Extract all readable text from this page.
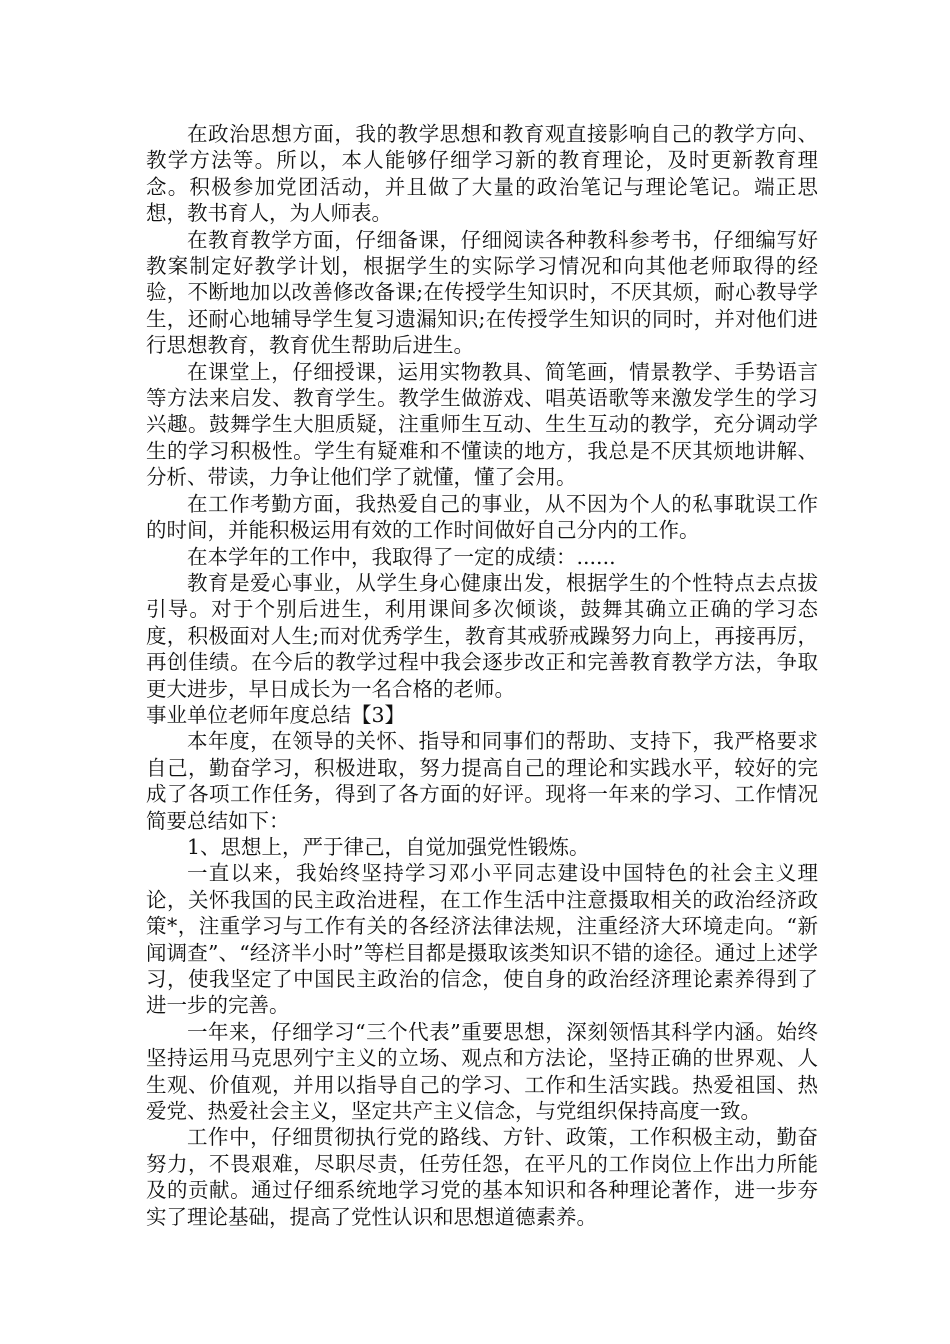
在政治思想方面，我的教学思想和教育观直接影响自己的教学方向、教学方法等。所以，本人能够仔细学习新的教育理论，及时更新教育理念。积极参加党团活动，并且做了大量的政治笔记与理论笔记。端正思想，教书育人，为人师表。

在教育教学方面，仔细备课，仔细阅读各种教科参考书，仔细编写好教案制定好教学计划，根据学生的实际学习情况和向其他老师取得的经验，不断地加以改善修改备课;在传授学生知识时，不厌其烦，耐心教导学生，还耐心地辅导学生复习遗漏知识;在传授学生知识的同时，并对他们进行思想教育，教育优生帮助后进生。

在课堂上，仔细授课，运用实物教具、简笔画，情景教学、手势语言等方法来启发、教育学生。教学生做游戏、唱英语歌等来激发学生的学习兴趣。鼓舞学生大胆质疑，注重师生互动、生生互动的教学，充分调动学生的学习积极性。学生有疑难和不懂读的地方，我总是不厌其烦地讲解、分析、带读，力争让他们学了就懂，懂了会用。

在工作考勤方面，我热爱自己的事业，从不因为个人的私事耽误工作的时间，并能积极运用有效的工作时间做好自己分内的工作。

在本学年的工作中，我取得了一定的成绩：......

教育是爱心事业，从学生身心健康出发，根据学生的个性特点去点拔引导。对于个别后进生，利用课间多次倾谈，鼓舞其确立正确的学习态度，积极面对人生;而对优秀学生，教育其戒骄戒躁努力向上，再接再厉，再创佳绩。在今后的教学过程中我会逐步改正和完善教育教学方法，争取更大进步，早日成长为一名合格的老师。

事业单位老师年度总结【3】

本年度，在领导的关怀、指导和同事们的帮助、支持下，我严格要求自己，勤奋学习，积极进取，努力提高自己的理论和实践水平，较好的完成了各项工作任务，得到了各方面的好评。现将一年来的学习、工作情况简要总结如下：

1、思想上，严于律己，自觉加强党性锻炼。

一直以来，我始终坚持学习邓小平同志建设中国特色的社会主义理论，关怀我国的民主政治进程，在工作生活中注意摄取相关的政治经济政策*，注重学习与工作有关的各经济法律法规，注重经济大环境走向。“新闻调查”、“经济半小时”等栏目都是摄取该类知识不错的途径。通过上述学习，使我坚定了中国民主政治的信念，使自身的政治经济理论素养得到了进一步的完善。

一年来，仔细学习“三个代表”重要思想，深刻领悟其科学内涵。始终坚持运用马克思列宁主义的立场、观点和方法论，坚持正确的世界观、人生观、价值观，并用以指导自己的学习、工作和生活实践。热爱祖国、热爱党、热爱社会主义，坚定共产主义信念，与党组织保持高度一致。

工作中，仔细贯彻执行党的路线、方针、政策，工作积极主动，勤奋努力，不畏艰难，尽职尽责，任劳任怨，在平凡的工作岗位上作出力所能及的贡献。通过仔细系统地学习党的基本知识和各种理论著作，进一步夯实了理论基础，提高了党性认识和思想道德素养。
